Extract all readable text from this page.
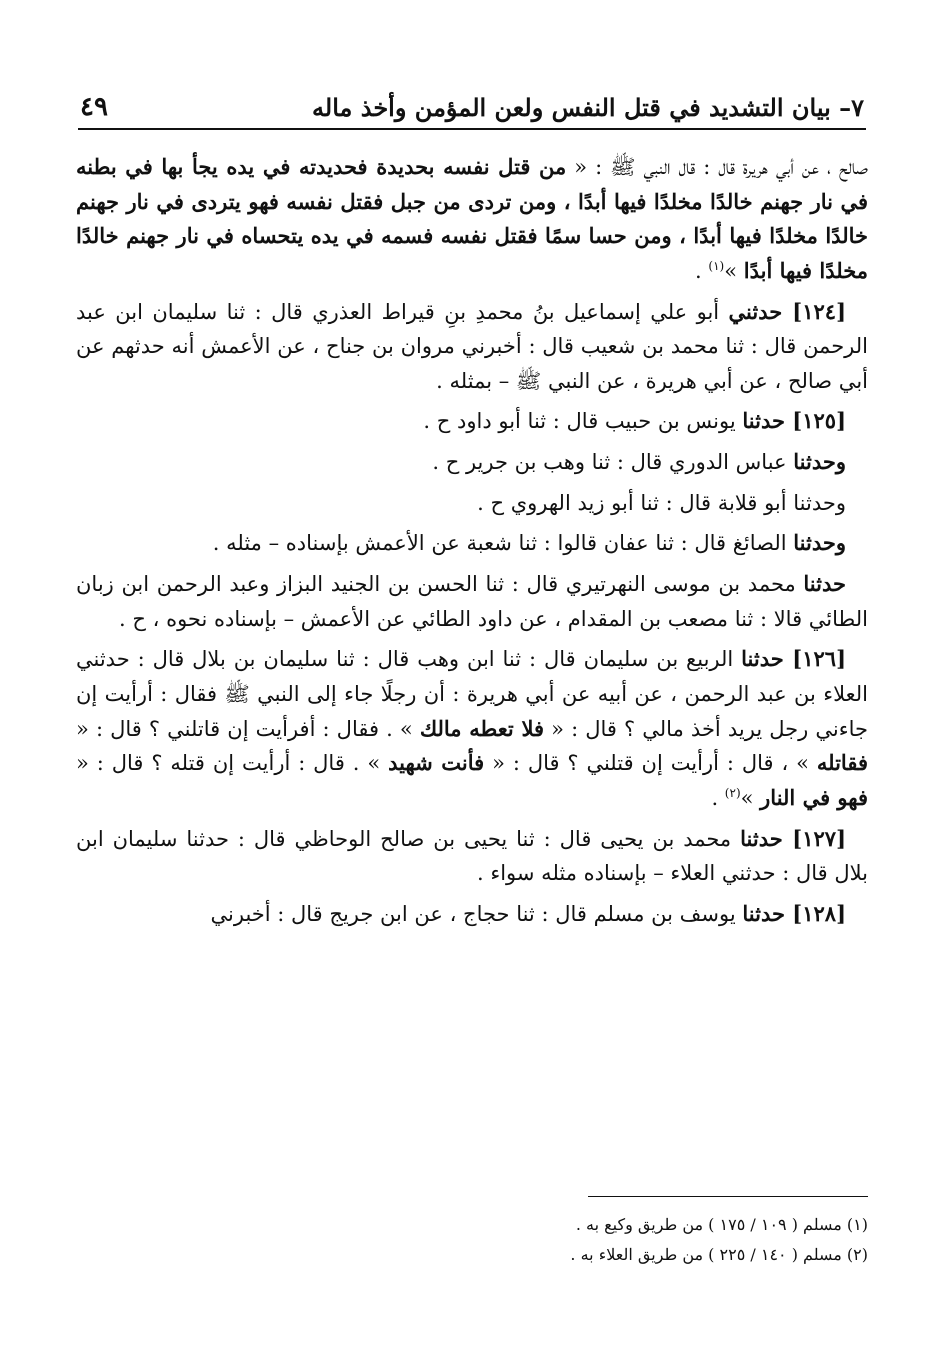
٧– بيان التشديد في قتل النفس ولعن المؤمن وأخذ ماله
٤٩
صالح ، عن أبي هريرة قال : قال النبي ﷺ : « من قتل نفسه بحديدة فحديدته في يده يجأ بها في بطنه في نار جهنم خالدًا مخلدًا فيها أبدًا ، ومن تردى من جبل فقتل نفسه فهو يتردى في نار جهنم خالدًا مخلدًا فيها أبدًا ، ومن حسا سمًا فقتل نفسه فسمه في يده يتحساه في نار جهنم خالدًا مخلدًا فيها أبدًا »$^{(١)}$ .
[١٢٤] حدثني أبو علي إسماعيل بنُ محمدِ بنِ قيراط العذري قال : ثنا سليمان ابن عبد الرحمن قال : ثنا محمد بن شعيب قال : أخبرني مروان بن جناح ، عن الأعمش أنه حدثهم عن أبي صالح ، عن أبي هريرة ، عن النبي ﷺ – بمثله .
[١٢٥] حدثنا يونس بن حبيب قال : ثنا أبو داود ح .
وحدثنا عباس الدوري قال : ثنا وهب بن جرير ح .
وحدثنا أبو قلابة قال : ثنا أبو زيد الهروي ح .
وحدثنا الصائغ قال : ثنا عفان قالوا : ثنا شعبة عن الأعمش بإسناده – مثله .
حدثنا محمد بن موسى النهرتيري قال : ثنا الحسن بن الجنيد البزاز وعبد الرحمن ابن زبان الطائي قالا : ثنا مصعب بن المقدام ، عن داود الطائي عن الأعمش – بإسناده نحوه ، ح .
[١٢٦] حدثنا الربيع بن سليمان قال : ثنا ابن وهب قال : ثنا سليمان بن بلال قال : حدثني العلاء بن عبد الرحمن ، عن أبيه عن أبي هريرة : أن رجلًا جاء إلى النبي ﷺ فقال : أرأيت إن جاءني رجل يريد أخذ مالي ؟ قال : « فلا تعطه مالك » . فقال : أفرأيت إن قاتلني ؟ قال : « فقاتله » ، قال : أرأيت إن قتلني ؟ قال : « فأنت شهيد » . قال : أرأيت إن قتله ؟ قال : « فهو في النار »$^{(٢)}$ .
[١٢٧] حدثنا محمد بن يحيى قال : ثنا يحيى بن صالح الوحاظي قال : حدثنا سليمان ابن بلال قال : حدثني العلاء – بإسناده مثله سواء .
[١٢٨] حدثنا يوسف بن مسلم قال : ثنا حجاج ، عن ابن جريج قال : أخبرني
(١) مسلم ( ١٠٩ / ١٧٥ ) من طريق وكيع به .
(٢) مسلم ( ١٤٠ / ٢٢٥ ) من طريق العلاء به .
